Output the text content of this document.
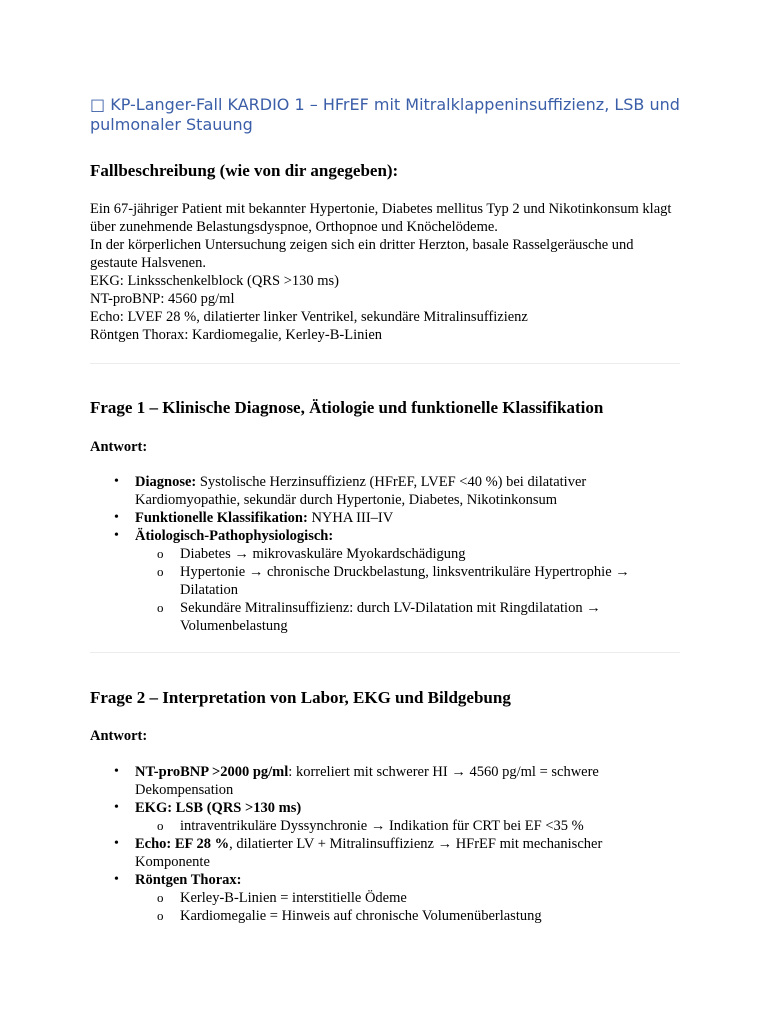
□ KP-Langer-Fall KARDIO 1 – HFrEF mit Mitralklappeninsuffizienz, LSB und pulmonaler Stauung

Fallbeschreibung (wie von dir angegeben):

Ein 67-jähriger Patient mit bekannter Hypertonie, Diabetes mellitus Typ 2 und Nikotinkonsum klagt über zunehmende Belastungsdyspnoe, Orthopnoe und Knöchelödeme.

In der körperlichen Untersuchung zeigen sich ein dritter Herzton, basale Rasselgeräusche und gestaute Halsvenen.

EKG: Linksschenkelblock (QRS >130 ms)

NT-proBNP: 4560 pg/ml

Echo: LVEF 28 %, dilatierter linker Ventrikel, sekundäre Mitralinsuffizienz

Röntgen Thorax: Kardiomegalie, Kerley-B-Linien

Frage 1 – Klinische Diagnose, Ätiologie und funktionelle Klassifikation

Antwort:

• Diagnose: Systolische Herzinsuffizienz (HFrEF, LVEF <40 %) bei dilatativer Kardiomyopathie, sekundär durch Hypertonie, Diabetes, Nikotinkonsum
• Funktionelle Klassifikation: NYHA III–IV
• Ätiologisch-Pathophysiologisch:
o Diabetes → mikrovaskuläre Myokardschädigung
o Hypertonie → chronische Druckbelastung, linksventrikuläre Hypertrophie → Dilatation
o Sekundäre Mitralinsuffizienz: durch LV-Dilatation mit Ringdilatation → Volumenbelastung

Frage 2 – Interpretation von Labor, EKG und Bildgebung

Antwort:

• NT-proBNP >2000 pg/ml: korreliert mit schwerer HI → 4560 pg/ml = schwere Dekompensation
• EKG: LSB (QRS >130 ms)
o intraventrikuläre Dyssynchronie → Indikation für CRT bei EF <35 %
• Echo: EF 28 %, dilatierter LV + Mitralinsuffizienz → HFrEF mit mechanischer Komponente
• Röntgen Thorax:
o Kerley-B-Linien = interstitielle Ödeme
o Kardiomegalie = Hinweis auf chronische Volumenüberlastung
